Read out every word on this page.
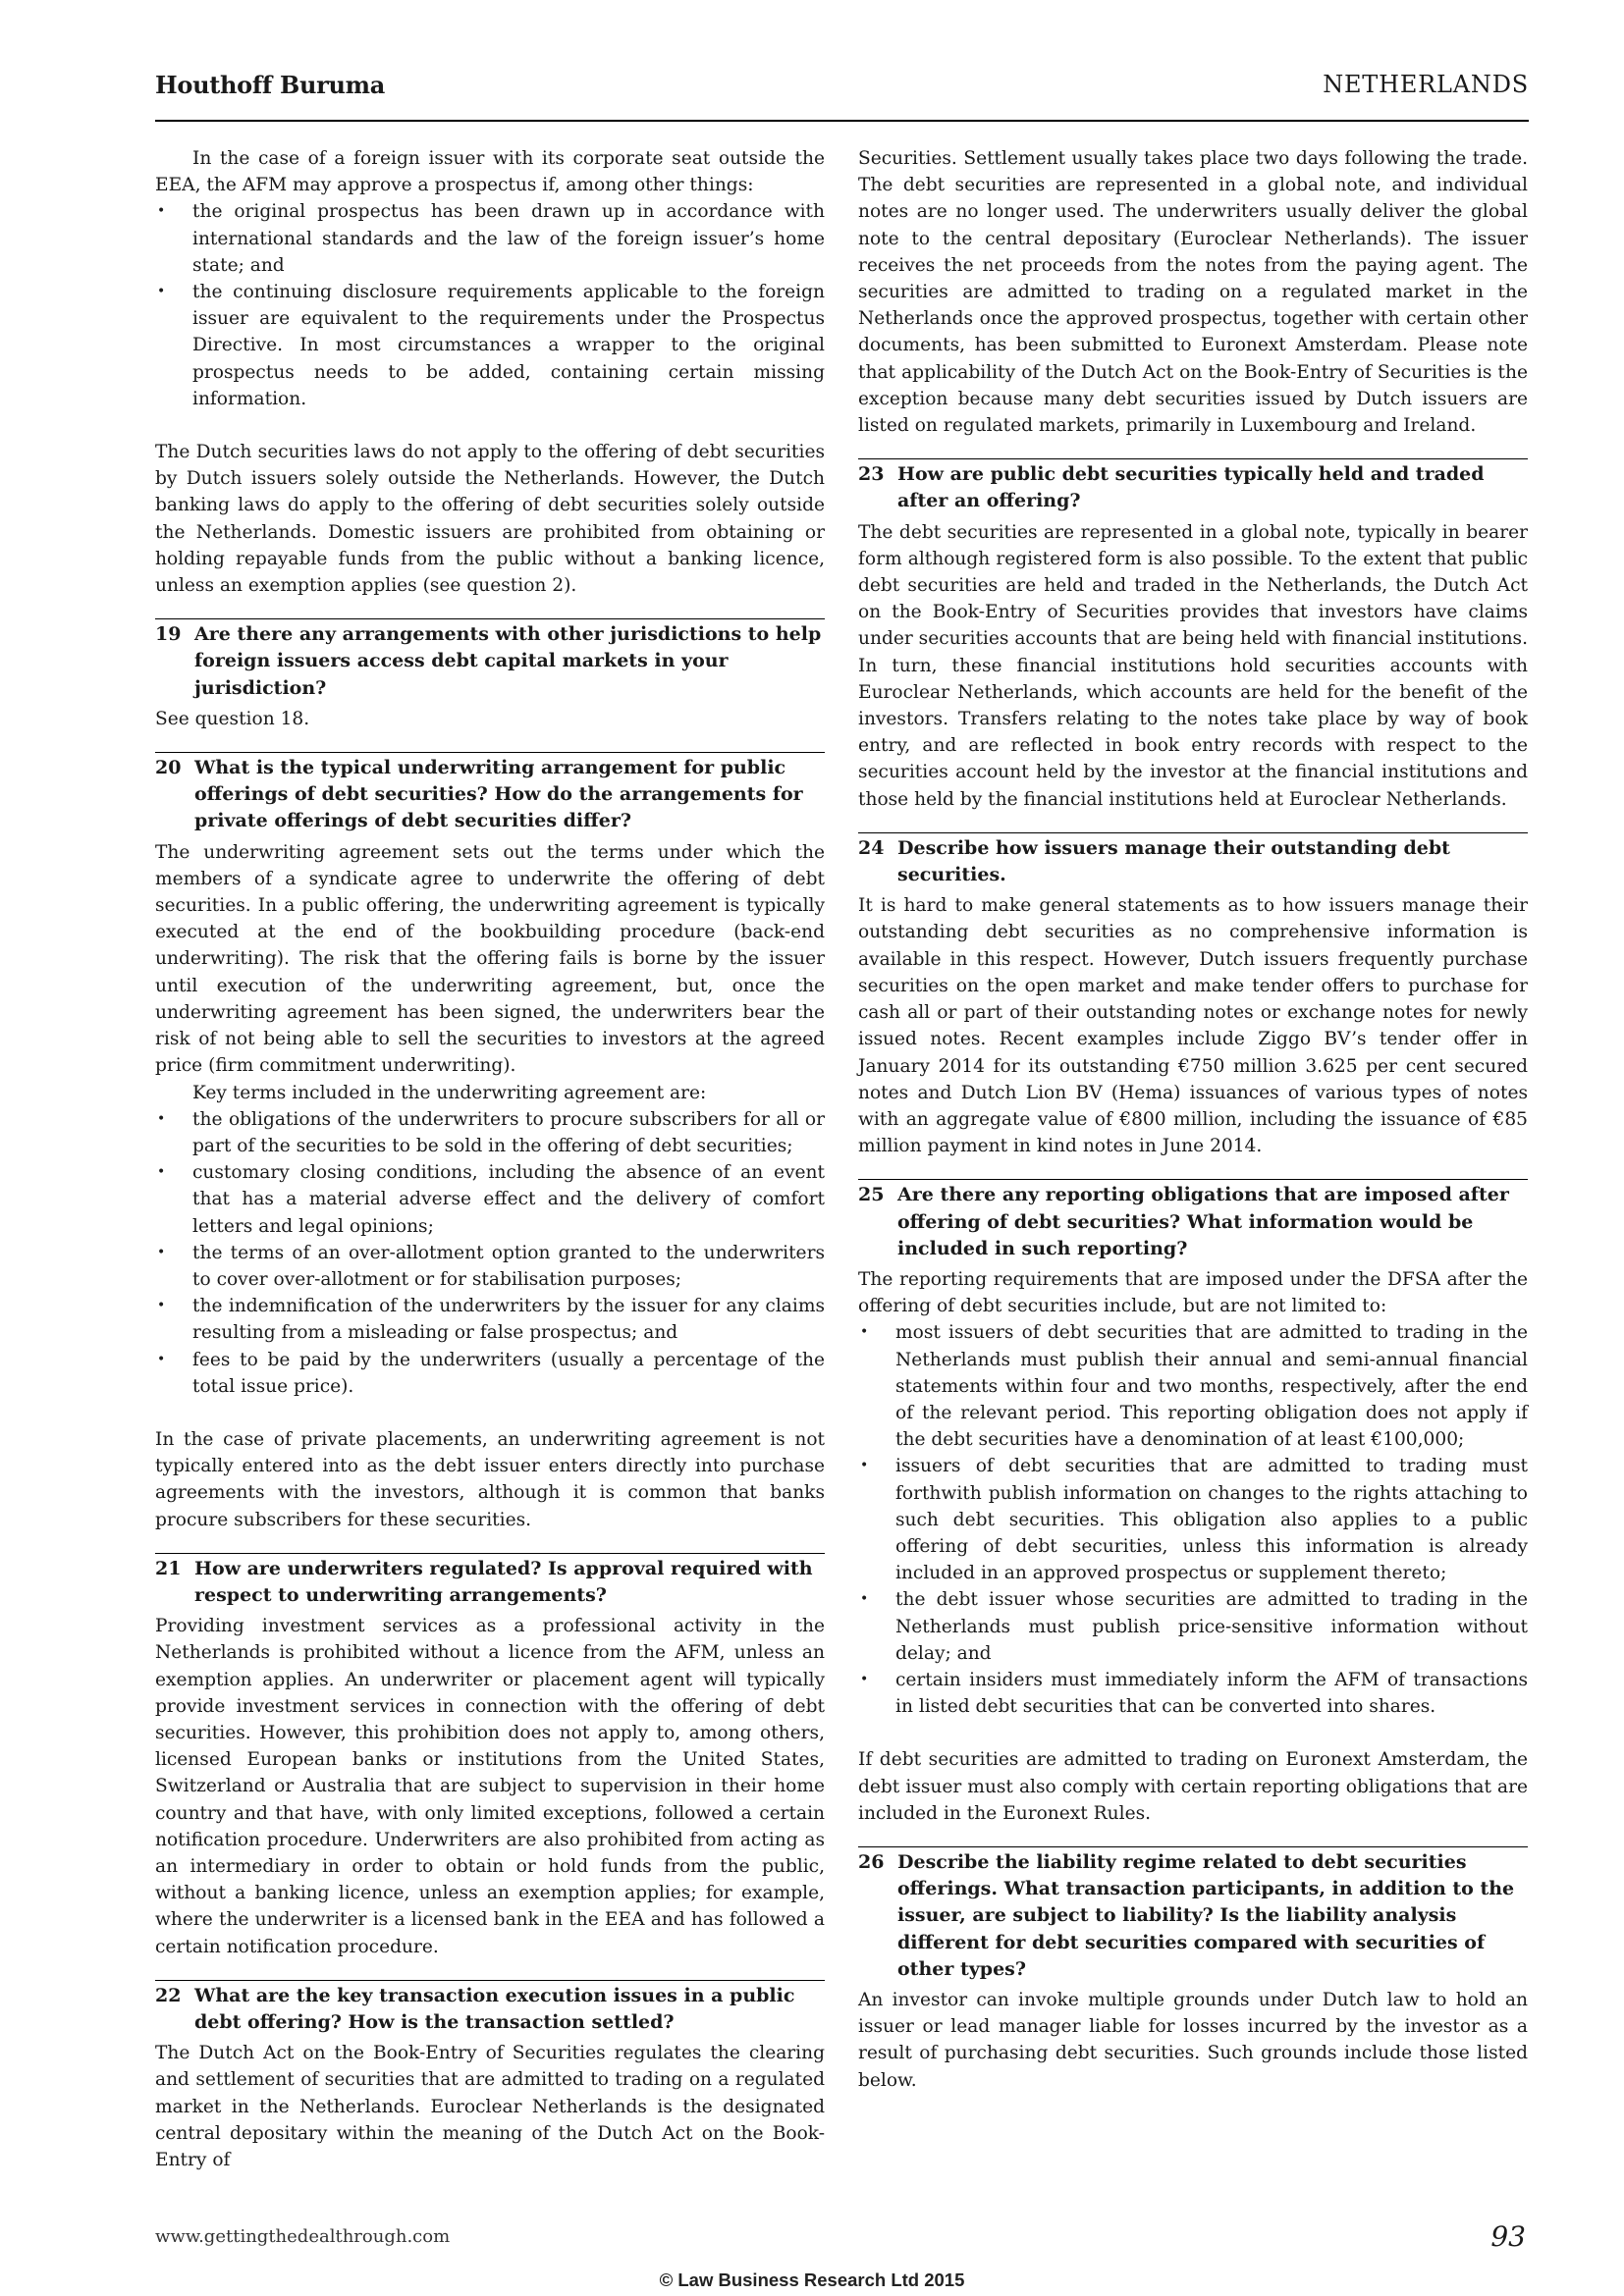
Houthoff Buruma	NETHERLANDS

In the case of a foreign issuer with its corporate seat outside the EEA, the AFM may approve a prospectus if, among other things:

• the original prospectus has been drawn up in accordance with international standards and the law of the foreign issuer’s home state; and
• the continuing disclosure requirements applicable to the foreign issuer are equivalent to the requirements under the Prospectus Directive. In most circumstances a wrapper to the original prospectus needs to be added, containing certain missing information.

The Dutch securities laws do not apply to the offering of debt securities by Dutch issuers solely outside the Netherlands. However, the Dutch banking laws do apply to the offering of debt securities solely outside the Netherlands. Domestic issuers are prohibited from obtaining or holding repayable funds from the public without a banking licence, unless an exemption applies (see question 2).

19 Are there any arrangements with other jurisdictions to help foreign issuers access debt capital markets in your jurisdiction?

See question 18.

20 What is the typical underwriting arrangement for public offerings of debt securities? How do the arrangements for private offerings of debt securities differ?

The underwriting agreement sets out the terms under which the members of a syndicate agree to underwrite the offering of debt securities. In a public offering, the underwriting agreement is typically executed at the end of the bookbuilding procedure (back-end underwriting). The risk that the offering fails is borne by the issuer until execution of the underwriting agreement, but, once the underwriting agreement has been signed, the underwriters bear the risk of not being able to sell the securities to investors at the agreed price (firm commitment underwriting).

Key terms included in the underwriting agreement are:

• the obligations of the underwriters to procure subscribers for all or part of the securities to be sold in the offering of debt securities;
• customary closing conditions, including the absence of an event that has a material adverse effect and the delivery of comfort letters and legal opinions;
• the terms of an over-allotment option granted to the underwriters to cover over-allotment or for stabilisation purposes;
• the indemnification of the underwriters by the issuer for any claims resulting from a misleading or false prospectus; and
• fees to be paid by the underwriters (usually a percentage of the total issue price).

In the case of private placements, an underwriting agreement is not typically entered into as the debt issuer enters directly into purchase agreements with the investors, although it is common that banks procure subscribers for these securities.

21 How are underwriters regulated? Is approval required with respect to underwriting arrangements?

Providing investment services as a professional activity in the Netherlands is prohibited without a licence from the AFM, unless an exemption applies. An underwriter or placement agent will typically provide investment services in connection with the offering of debt securities. However, this prohibition does not apply to, among others, licensed European banks or institutions from the United States, Switzerland or Australia that are subject to supervision in their home country and that have, with only limited exceptions, followed a certain notification procedure. Underwriters are also prohibited from acting as an intermediary in order to obtain or hold funds from the public, without a banking licence, unless an exemption applies; for example, where the underwriter is a licensed bank in the EEA and has followed a certain notification procedure.

22 What are the key transaction execution issues in a public debt offering? How is the transaction settled?

The Dutch Act on the Book-Entry of Securities regulates the clearing and settlement of securities that are admitted to trading on a regulated market in the Netherlands. Euroclear Netherlands is the designated central depositary within the meaning of the Dutch Act on the Book-Entry of

Securities. Settlement usually takes place two days following the trade. The debt securities are represented in a global note, and individual notes are no longer used. The underwriters usually deliver the global note to the central depositary (Euroclear Netherlands). The issuer receives the net proceeds from the notes from the paying agent. The securities are admitted to trading on a regulated market in the Netherlands once the approved prospectus, together with certain other documents, has been submitted to Euronext Amsterdam. Please note that applicability of the Dutch Act on the Book-Entry of Securities is the exception because many debt securities issued by Dutch issuers are listed on regulated markets, primarily in Luxembourg and Ireland.

23 How are public debt securities typically held and traded after an offering?

The debt securities are represented in a global note, typically in bearer form although registered form is also possible. To the extent that public debt securities are held and traded in the Netherlands, the Dutch Act on the Book-Entry of Securities provides that investors have claims under securities accounts that are being held with financial institutions. In turn, these financial institutions hold securities accounts with Euroclear Netherlands, which accounts are held for the benefit of the investors. Transfers relating to the notes take place by way of book entry, and are reflected in book entry records with respect to the securities account held by the investor at the financial institutions and those held by the financial institutions held at Euroclear Netherlands.

24 Describe how issuers manage their outstanding debt securities.

It is hard to make general statements as to how issuers manage their outstanding debt securities as no comprehensive information is available in this respect. However, Dutch issuers frequently purchase securities on the open market and make tender offers to purchase for cash all or part of their outstanding notes or exchange notes for newly issued notes. Recent examples include Ziggo BV’s tender offer in January 2014 for its outstanding €750 million 3.625 per cent secured notes and Dutch Lion BV (Hema) issuances of various types of notes with an aggregate value of €800 million, including the issuance of €85 million payment in kind notes in June 2014.

25 Are there any reporting obligations that are imposed after offering of debt securities? What information would be included in such reporting?

The reporting requirements that are imposed under the DFSA after the offering of debt securities include, but are not limited to:

• most issuers of debt securities that are admitted to trading in the Netherlands must publish their annual and semi-annual financial statements within four and two months, respectively, after the end of the relevant period. This reporting obligation does not apply if the debt securities have a denomination of at least €100,000;
• issuers of debt securities that are admitted to trading must forthwith publish information on changes to the rights attaching to such debt securities. This obligation also applies to a public offering of debt securities, unless this information is already included in an approved prospectus or supplement thereto;
• the debt issuer whose securities are admitted to trading in the Netherlands must publish price-sensitive information without delay; and
• certain insiders must immediately inform the AFM of transactions in listed debt securities that can be converted into shares.

If debt securities are admitted to trading on Euronext Amsterdam, the debt issuer must also comply with certain reporting obligations that are included in the Euronext Rules.

26 Describe the liability regime related to debt securities offerings. What transaction participants, in addition to the issuer, are subject to liability? Is the liability analysis different for debt securities compared with securities of other types?

An investor can invoke multiple grounds under Dutch law to hold an issuer or lead manager liable for losses incurred by the investor as a result of purchasing debt securities. Such grounds include those listed below.

www.gettingthedealthrough.com	93
© Law Business Research Ltd 2015
